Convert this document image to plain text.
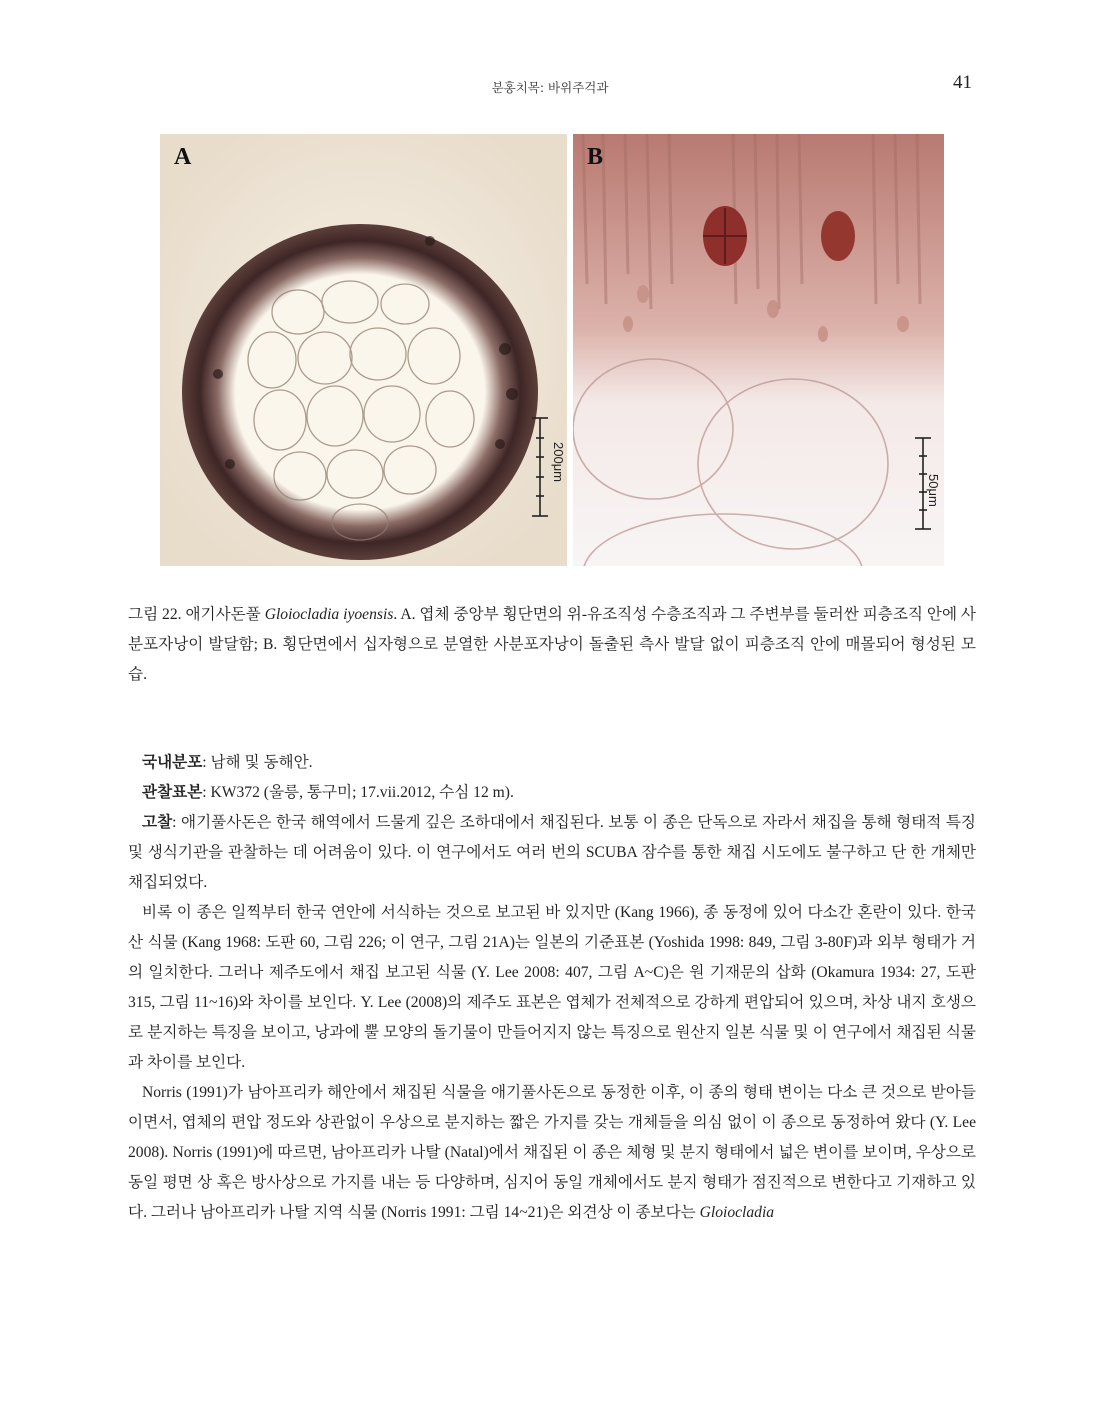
분홍치목: 바위주걱과	41
200μm
A
50μm
B
그림 22. 애기사돈풀 Gloiocladia iyoensis. A. 엽체 중앙부 횡단면의 위-유조직성 수층조직과 그 주변부를 둘러싼 피층조직 안에 사분포자낭이 발달함; B. 횡단면에서 십자형으로 분열한 사분포자낭이 돌출된 측사 발달 없이 피층조직 안에 매몰되어 형성된 모습.

국내분포: 남해 및 동해안.

관찰표본: KW372 (울릉, 통구미; 17.vii.2012, 수심 12 m).

고찰: 애기풀사돈은 한국 해역에서 드물게 깊은 조하대에서 채집된다. 보통 이 종은 단독으로 자라서 채집을 통해 형태적 특징 및 생식기관을 관찰하는 데 어려움이 있다. 이 연구에서도 여러 번의 SCUBA 잠수를 통한 채집 시도에도 불구하고 단 한 개체만 채집되었다.

비록 이 종은 일찍부터 한국 연안에 서식하는 것으로 보고된 바 있지만 (Kang 1966), 종 동정에 있어 다소간 혼란이 있다. 한국산 식물 (Kang 1968: 도판 60, 그림 226; 이 연구, 그림 21A)는 일본의 기준표본 (Yoshida 1998: 849, 그림 3-80F)과 외부 형태가 거의 일치한다. 그러나 제주도에서 채집 보고된 식물 (Y. Lee 2008: 407, 그림 A~C)은 원 기재문의 삽화 (Okamura 1934: 27, 도판 315, 그림 11~16)와 차이를 보인다. Y. Lee (2008)의 제주도 표본은 엽체가 전체적으로 강하게 편압되어 있으며, 차상 내지 호생으로 분지하는 특징을 보이고, 낭과에 뿔 모양의 돌기물이 만들어지지 않는 특징으로 원산지 일본 식물 및 이 연구에서 채집된 식물과 차이를 보인다.

Norris (1991)가 남아프리카 해안에서 채집된 식물을 애기풀사돈으로 동정한 이후, 이 종의 형태 변이는 다소 큰 것으로 받아들이면서, 엽체의 편압 정도와 상관없이 우상으로 분지하는 짧은 가지를 갖는 개체들을 의심 없이 이 종으로 동정하여 왔다 (Y. Lee 2008). Norris (1991)에 따르면, 남아프리카 나탈 (Natal)에서 채집된 이 종은 체형 및 분지 형태에서 넓은 변이를 보이며, 우상으로 동일 평면 상 혹은 방사상으로 가지를 내는 등 다양하며, 심지어 동일 개체에서도 분지 형태가 점진적으로 변한다고 기재하고 있다. 그러나 남아프리카 나탈 지역 식물 (Norris 1991: 그림 14~21)은 외견상 이 종보다는 Gloiocladia
